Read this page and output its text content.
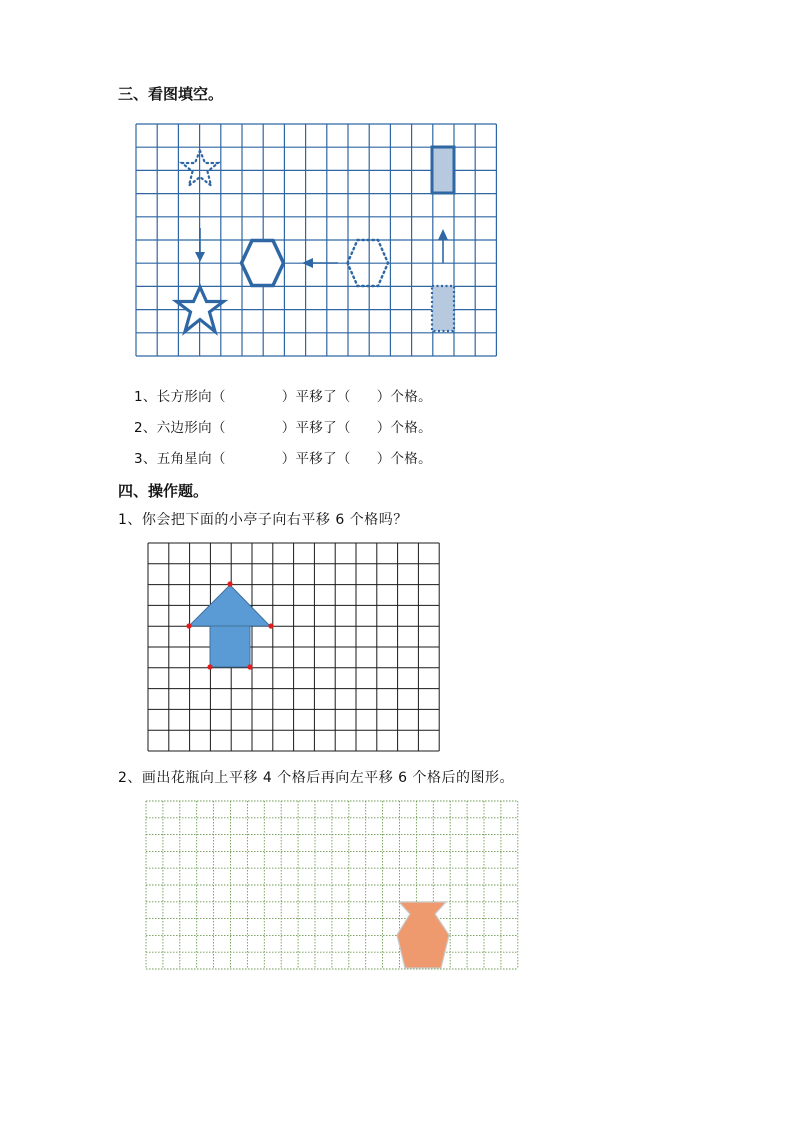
三、看图填空。
1、长方形向（	）平移了（ ）个格。
2、六边形向（	）平移了（ ）个格。
3、五角星向（	）平移了（ ）个格。
四、操作题。
1、你会把下面的小亭子向右平移 6 个格吗？
2、画出花瓶向上平移 4 个格后再向左平移 6 个格后的图形。
